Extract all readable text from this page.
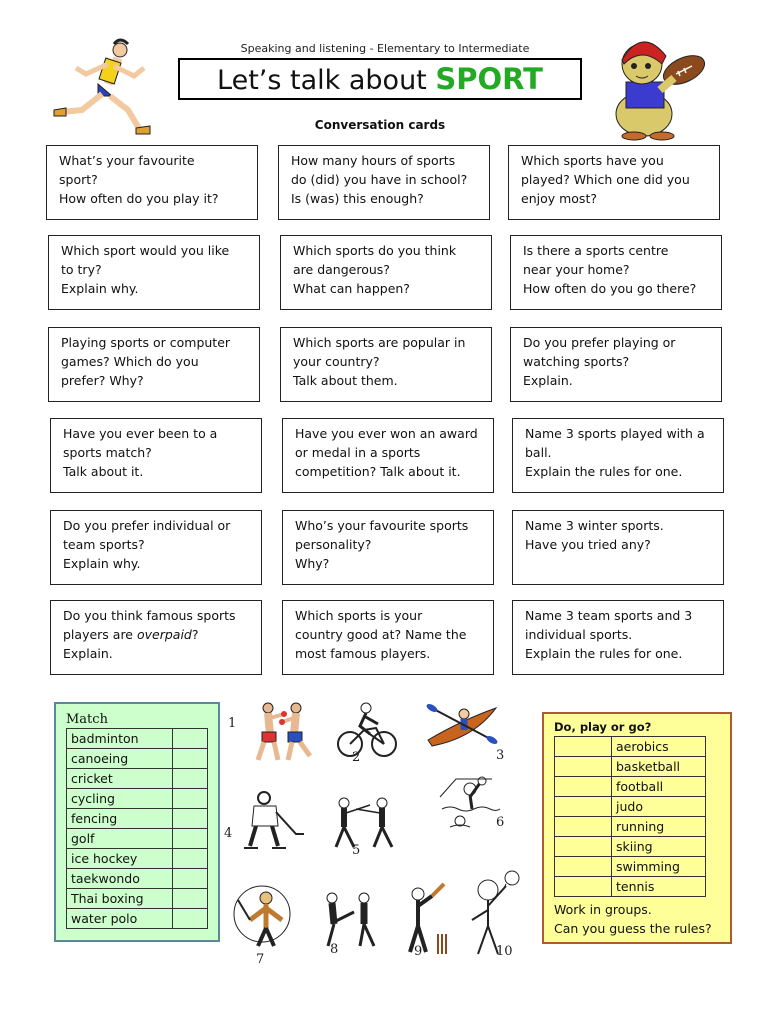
Speaking and listening - Elementary to Intermediate
Let’s talk about SPORT
Conversation cards
What’s your favourite
sport?
How often do you play it?
How many hours of sports
do (did) you have in school?
Is (was) this enough?
Which sports have you
played? Which one did you
enjoy most?
Which sport would you like
to try?
Explain why.
Which sports do you think
are dangerous?
What can happen?
Is there a sports centre
near your home?
How often do you go there?
Playing sports or computer
games? Which do you
prefer? Why?
Which sports are popular in
your country?
Talk about them.
Do you prefer playing or
watching sports?
Explain.
Have you ever been to a
sports match?
Talk about it.
Have you ever won an award
or medal in a sports
competition? Talk about it.
Name 3 sports played with a
ball.
Explain the rules for one.
Do you prefer individual or
team sports?
Explain why.
Who’s your favourite sports
personality?
Why?
Name 3 winter sports.
Have you tried any?
Do you think famous sports
players are overpaid?
Explain.
Which sports is your
country good at? Name the
most famous players.
Name 3 team sports and 3
individual sports.
Explain the rules for one.
Match
badminton	
canoeing	
cricket	
cycling	
fencing	
golf	
ice hockey	
taekwondo	
Thai boxing	
water polo	
1
2	3
4
5
6
7
8	9	10
Do, play or go?
	aerobics
	basketball
	football
	judo
	running
	skiing
	swimming
	tennis
Work in groups.
Can you guess the rules?
